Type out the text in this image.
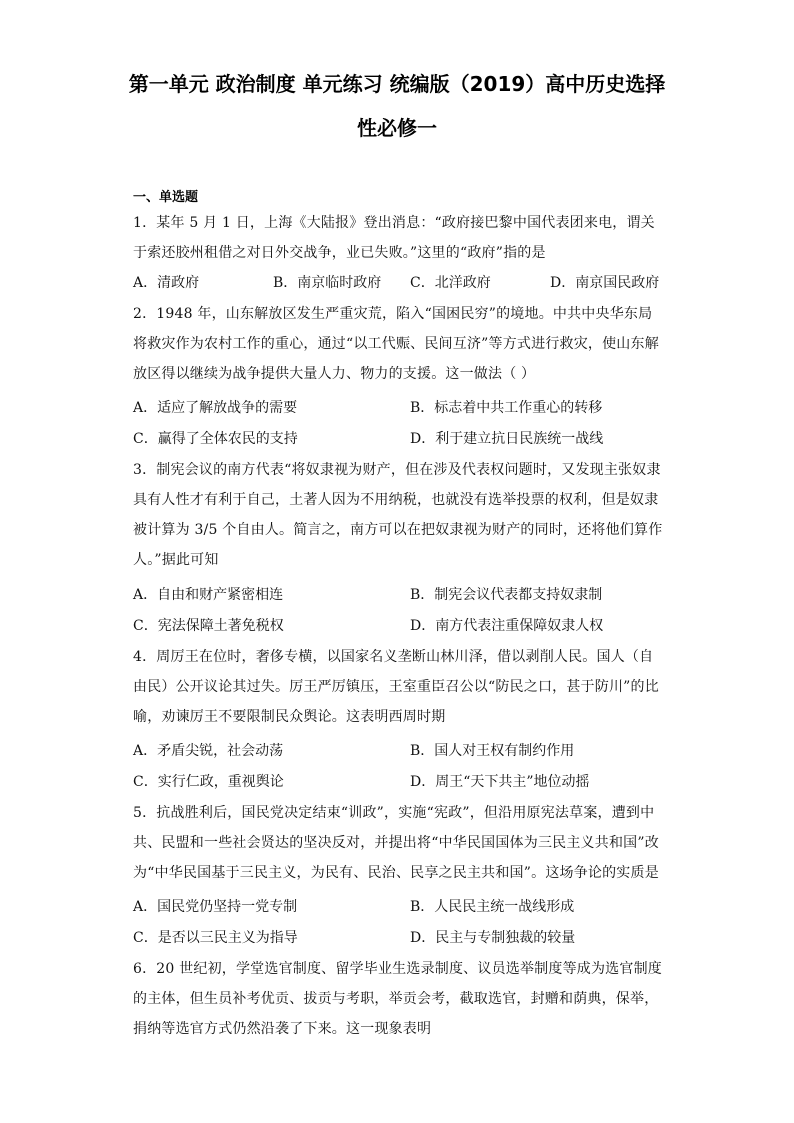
第一单元 政治制度 单元练习 统编版（2019）高中历史选择
性必修一
一、单选题
1．某年 5 月 1 日，上海《大陆报》登出消息：“政府接巴黎中国代表团来电，谓关于索还胶州租借之对日外交战争，业已失败。”这里的“政府”指的是
A．清政府	B．南京临时政府 C．北洋政府	D．南京国民政府
2．1948 年，山东解放区发生严重灾荒，陷入“国困民穷”的境地。中共中央华东局将救灾作为农村工作的重心，通过“以工代赈、民间互济”等方式进行救灾，使山东解放区得以继续为战争提供大量人力、物力的支援。这一做法（ ）
A．适应了解放战争的需要	B．标志着中共工作重心的转移
C．赢得了全体农民的支持	D．利于建立抗日民族统一战线
3．制宪会议的南方代表“将奴隶视为财产，但在涉及代表权问题时，又发现主张奴隶具有人性才有利于自己，土著人因为不用纳税，也就没有选举投票的权利，但是奴隶被计算为 3/5 个自由人。简言之，南方可以在把奴隶视为财产的同时，还将他们算作人。”据此可知
A．自由和财产紧密相连	B．制宪会议代表都支持奴隶制
C．宪法保障土著免税权	D．南方代表注重保障奴隶人权
4．周厉王在位时，奢侈专横，以国家名义垄断山林川泽，借以剥削人民。国人（自由民）公开议论其过失。厉王严厉镇压，王室重臣召公以“防民之口，甚于防川”的比喻，劝谏厉王不要限制民众舆论。这表明西周时期
A．矛盾尖锐，社会动荡	B．国人对王权有制约作用
C．实行仁政，重视舆论	D．周王“天下共主”地位动摇
5．抗战胜利后，国民党决定结束“训政”，实施“宪政”，但沿用原宪法草案，遭到中共、民盟和一些社会贤达的坚决反对，并提出将“中华民国国体为三民主义共和国”改为“中华民国基于三民主义，为民有、民治、民享之民主共和国”。这场争论的实质是
A．国民党仍坚持一党专制	B．人民民主统一战线形成
C．是否以三民主义为指导	D．民主与专制独裁的较量
6．20 世纪初，学堂选官制度、留学毕业生选录制度、议员选举制度等成为选官制度的主体，但生员补考优贡、拔贡与考职，举贡会考，截取选官，封赠和荫典，保举，捐纳等选官方式仍然沿袭了下来。这一现象表明
